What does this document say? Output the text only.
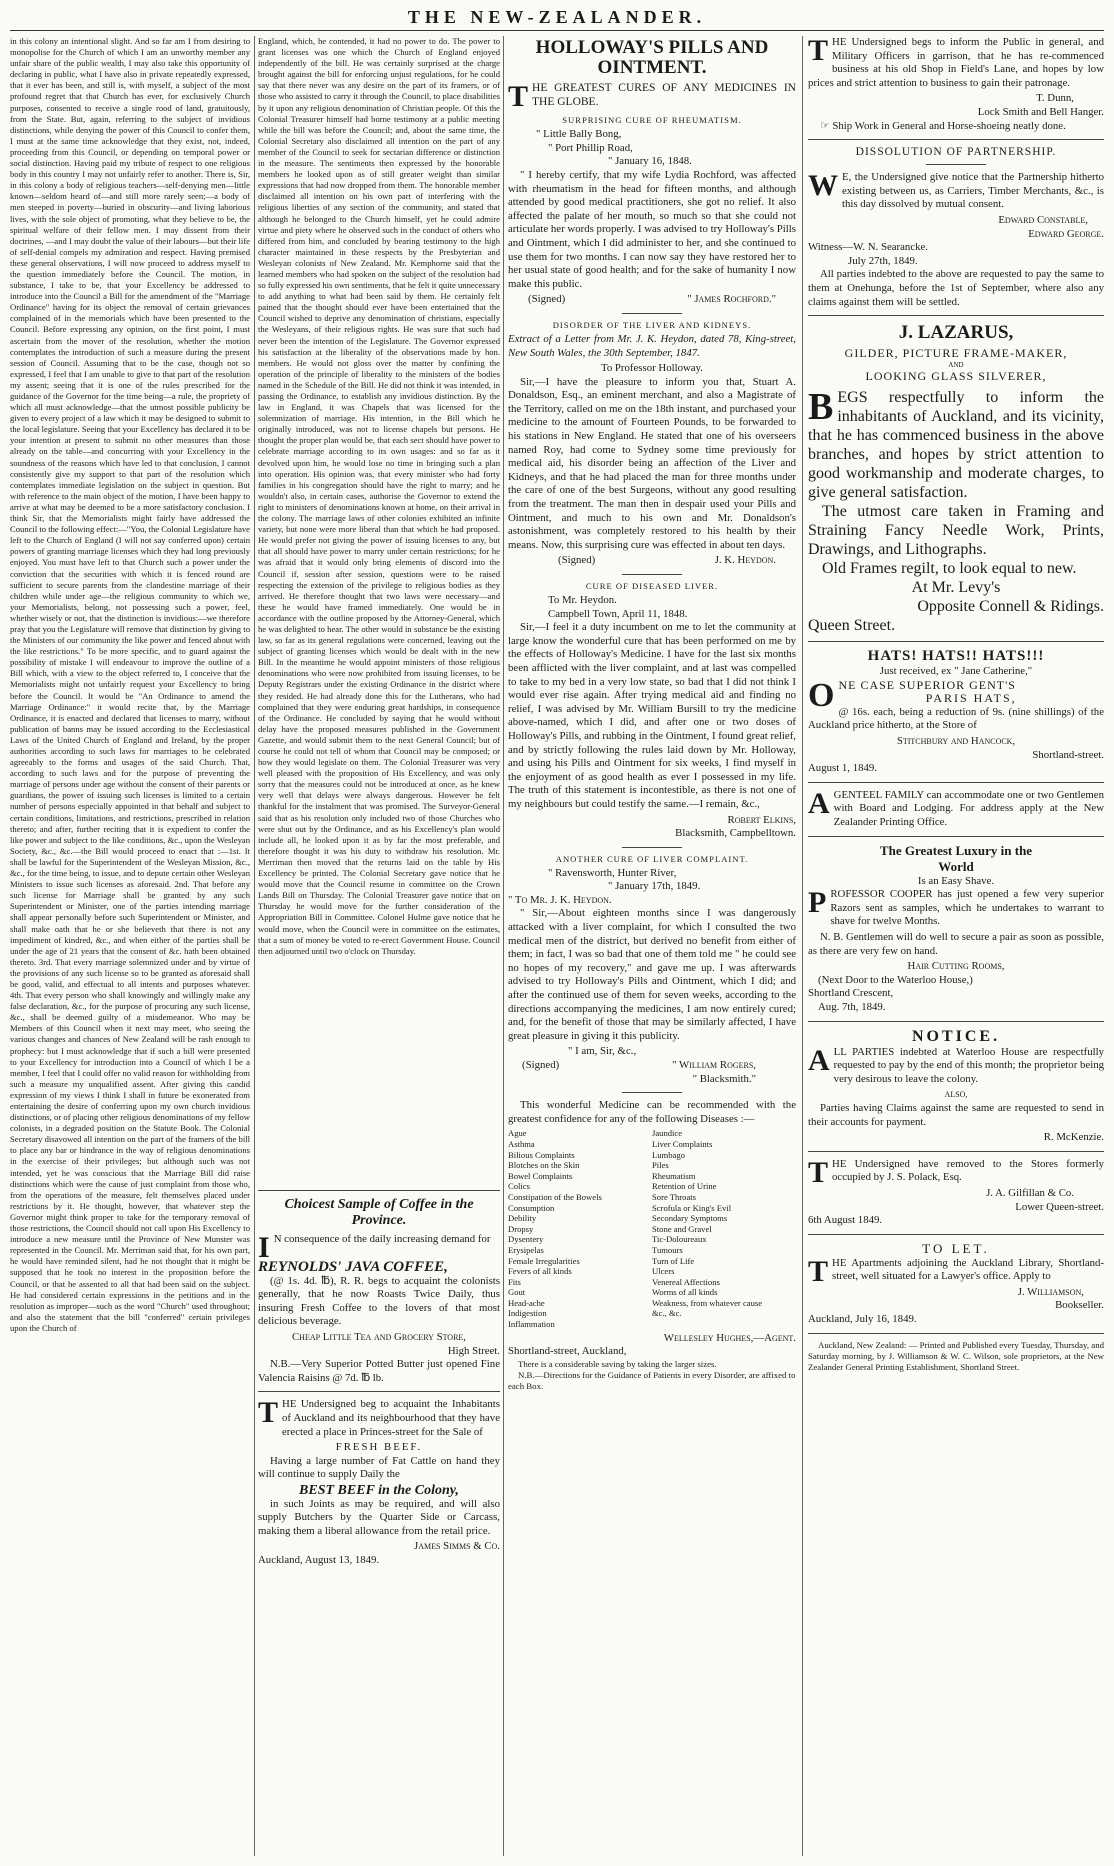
THE NEW-ZEALANDER.
in this colony an intentional slight. And so far am I from desiring to monopolise for the Church of which I am an unworthy member any unfair share of the public wealth, I may also take this opportunity of declaring in public, what I have also in private repeatedly expressed, that it ever has been, and still is, with myself, a subject of the most profound regret that that Church has ever, for exclusively Church purposes, consented to receive a single rood of land, gratuitously, from the State. But, again, referring to the subject of invidious distinctions, while denying the power of this Council to confer them, I must at the same time acknowledge that they exist, not, indeed, proceeding from this Council, or depending on temporal power or social distinction. Having paid my tribute of respect to one religious body in this country I may not unfairly refer to another. There is, Sir, in this colony a body of religious teachers—self-denying men—little known—seldom heard of—and still more rarely seen;—a body of men steeped in poverty—buried in obscurity—and living laborious lives, with the sole object of promoting, what they believe to be, the spiritual welfare of their fellow men. I may dissent from their doctrines, —and I may doubt the value of their labours—but their life of self-denial compels my admiration and respect. Having premised these general observations, I will now proceed to address myself to the question immediately before the Council. The motion, in substance, I take to be, that your Excellency be addressed to introduce into the Council a Bill for the amendment of the "Marriage Ordinance" having for its object the removal of certain grievances complained of in the memorials which have been presented to the Council. Before expressing any opinion, on the first point, I must ascertain from the mover of the resolution, whether the motion contemplates the introduction of such a measure during the present session of Council. Assuming that to be the case, though not so expressed, I feel that I am unable to give to that part of the resolution my assent; seeing that it is one of the rules prescribed for the guidance of the Governor for the time being—a rule, the propriety of which all must acknowledge—that the utmost possible publicity be given to every project of a law which it may be designed to submit to the local legislature. Seeing that your Excellency has declared it to be your intention at present to submit no other measures than those already on the table—and concurring with your Excellency in the soundness of the reasons which have led to that conclusion, I cannot consistently give my support to that part of the resolution which contemplates immediate legislation on the subject in question. But with reference to the main object of the motion, I have been happy to arrive at what may be deemed to be a more satisfactory conclusion. I think Sir, that the Memorialists might fairly have addressed the Council to the following effect:—"You, the Colonial Legislature have left to the Church of England (I will not say conferred upon) certain powers of granting marriage licenses which they had long previously enjoyed. You must have left to that Church such a power under the conviction that the securities with which it is fenced round are sufficient to secure parents from the clandestine marriage of their children while under age—the religious community to which we, your Memorialists, belong, not possessing such a power, feel, whether wisely or not, that the distinction is invidious:—we therefore pray that you the Legislature will remove that distinction by giving to the Ministers of our community the like power and fenced about with the like restrictions." To be more specific, and to guard against the possibility of mistake I will endeavour to improve the outline of a Bill which, with a view to the object referred to, I conceive that the Memorialists might not unfairly request your Excellency to bring before the Council. It would be "An Ordinance to amend the Marriage Ordinance:" it would recite that, by the Marriage Ordinance, it is enacted and declared that licenses to marry, without publication of banns may be issued according to the Ecclesiastical Laws of the United Church of England and Ireland, by the proper authorities according to such laws for marriages to be celebrated agreeably to the forms and usages of the said Church. That, according to such laws and for the purpose of preventing the marriage of persons under age without the consent of their parents or guardians, the power of issuing such licenses is limited to a certain number of persons especially appointed in that behalf and subject to certain conditions, limitations, and restrictions, prescribed in relation thereto; and after, further reciting that it is expedient to confer the like power and subject to the like conditions, &c., upon the Wesleyan Society, &c., &c.—the Bill would proceed to enact that :—1st. It shall be lawful for the Superintendent of the Wesleyan Mission, &c., &c., for the time being, to issue, and to depute certain other Wesleyan Ministers to issue such licenses as aforesaid. 2nd. That before any such license for Marriage shall be granted by any such Superintendent or Minister, one of the parties intending marriage shall appear personally before such Superintendent or Minister, and shall make oath that he or she believeth that there is not any impediment of kindred, &c., and when either of the parties shall be under the age of 21 years that the consent of &c. hath been obtained thereto. 3rd. That every marriage solemnized under and by virtue of the provisions of any such license so to be granted as aforesaid shall be good, valid, and effectual to all intents and purposes whatever. 4th. That every person who shall knowingly and willingly make any false declaration, &c., for the purpose of procuring any such license, &c., shall be deemed guilty of a misdemeanor. Who may be Members of this Council when it next may meet, who seeing the various changes and chances of New Zealand will be rash enough to prophecy: but I must acknowledge that if such a bill were presented to your Excellency for introduction into a Council of which I be a member, I feel that I could offer no valid reason for withholding from such a measure my unqualified assent. After giving this candid expression of my views I think I shall in future be exonerated from entertaining the desire of conferring upon my own church invidious distinctions, or of placing other religious denominations of my fellow colonists, in a degraded position on the Statute Book. The Colonial Secretary disavowed all intention on the part of the framers of the bill to place any bar or hindrance in the way of religious denominations in the exercise of their privileges; but although such was not intended, yet he was conscious that the Marriage Bill did raise distinctions which were the cause of just complaint from those who, from the operations of the measure, felt themselves placed under restrictions by it. He thought, however, that whatever step the Governor might think proper to take for the temporary removal of those restrictions, the Council should not call upon His Excellency to introduce a new measure until the Province of New Munster was represented in the Council. Mr. Merriman said that, for his own part, he would have reminded silent, had he not thought that it might be supposed that he took no interest in the proposition before the Council, or that he assented to all that had been said on the subject. He had considered certain expressions in the petitions and in the resolution as improper—such as the word "Church" used throughout; and also the statement that the bill "conferred" certain privileges upon the Church of
England, which, he contended, it had no power to do. The power to grant licenses was one which the Church of England enjoyed independently of the bill. He was certainly surprised at the charge brought against the bill for enforcing unjust regulations, for he could say that there never was any desire on the part of its framers, or of those who assisted to carry it through the Council, to place disabilities by it upon any religious denomination of Christian people. Of this the Colonial Treasurer himself had borne testimony at a public meeting while the bill was before the Council; and, about the same time, the Colonial Secretary also disclaimed all intention on the part of any member of the Council to seek for sectarian difference or distinction in the measure. The sentiments then expressed by the honorable members he looked upon as of still greater weight than similar expressions that had now dropped from them. The honorable member disclaimed all intention on his own part of interfering with the religious liberties of any section of the community, and stated that although he belonged to the Church himself, yet he could admire virtue and piety where he observed such in the conduct of others who differed from him, and concluded by bearing testimony to the high character maintained in these respects by the Presbyterian and Wesleyan colonists of New Zealand. Mr. Kemphorne said that the learned members who had spoken on the subject of the resolution had so fully expressed his own sentiments, that he felt it quite unnecessary to add anything to what had been said by them. He certainly felt pained that the thought should ever have been entertained that the Council wished to deprive any denomination of christians, especially the Wesleyans, of their religious rights. He was sure that such had never been the intention of the Legislature. The Governor expressed his satisfaction at the liberality of the observations made by hon. members. He would not gloss over the matter by confining the operation of the principle of liberality to the ministers of the bodies named in the Schedule of the Bill. He did not think it was intended, in passing the Ordinance, to establish any invidious distinction. By the law in England, it was Chapels that was licensed for the solemnization of marriage. His intention, in the Bill which he originally introduced, was not to license chapels but persons. He thought the proper plan would be, that each sect should have power to celebrate marriage according to its own usages: and so far as it devolved upon him, he would lose no time in bringing such a plan into operation. His opinion was, that every minister who had forty families in his congregation should have the right to marry; and he wouldn't also, in certain cases, authorise the Governor to extend the right to ministers of denominations known at home, on their arrival in the colony. The marriage laws of other colonies exhibited an infinite variety, but none were more liberal than that which he had proposed. He would prefer not giving the power of issuing licenses to any, but that all should have power to marry under certain restrictions; for he was afraid that it would only bring elements of discord into the Council if, session after session, questions were to be raised respecting the extension of the privilege to religious bodies as they arrived. He therefore thought that two laws were necessary—and these he would have framed immediately. One would be in accordance with the outline proposed by the Attorney-General, which he was delighted to hear. The other would in substance be the existing law, so far as its general regulations were concerned, leaving out the subject of granting licenses which would be dealt with in the new Bill. In the meantime he would appoint ministers of those religious denominations who were now prohibited from issuing licenses, to be Deputy Registrars under the existing Ordinance in the district where they resided. He had already done this for the Lutherans, who had complained that they were enduring great hardships, in consequence of the Ordinance. He concluded by saying that he would without delay have the proposed measures published in the Government Gazette, and would submit them to the next General Council; but of course he could not tell of whom that Council may be composed; or how they would legislate on them. The Colonial Treasurer was very well pleased with the proposition of His Excellency, and was only sorry that the measures could not be introduced at once, as he knew very well that delays were always dangerous. However he felt thankful for the instalment that was promised. The Surveyor-General said that as his resolution only included two of those Churches who were shut out by the Ordinance, and as his Excellency's plan would include all, he looked upon it as by far the most preferable, and therefore thought it was his duty to withdraw his resolution. Mr. Merriman then moved that the returns laid on the table by His Excellency be printed. The Colonial Secretary gave notice that he would move that the Council resume in committee on the Crown Lands Bill on Thursday. The Colonial Treasurer gave notice that on Thursday he would move for the further consideration of the Appropriation Bill in Committee. Colonel Hulme gave notice that he would move, when the Council were in committee on the estimates, that a sum of money be voted to re-erect Government House. Council then adjourned until two o'clock on Thursday.
Choicest Sample of Coffee in the Province.

I N consequence of the daily increasing demand for

REYNOLDS' JAVA COFFEE,

(@ 1s. 4d. ℔), R. R. begs to acquaint the colonists generally, that he now Roasts Twice Daily, thus insuring Fresh Coffee to the lovers of that most delicious beverage.

Cheap Little Tea and Grocery Store,
High Street.

N.B.—Very Superior Potted Butter just opened Fine Valencia Raisins @ 7d. ℔ lb.

THE Undersigned beg to acquaint the Inhabitants of Auckland and its neighbourhood that they have erected a place in Princes-street for the Sale of

FRESH BEEF.

Having a large number of Fat Cattle on hand they will continue to supply Daily the

BEST BEEF in the Colony,

in such Joints as may be required, and will also supply Butchers by the Quarter Side or Carcass, making them a liberal allowance from the retail price.

James Simms & Co.
Auckland, August 13, 1849.
HOLLOWAY'S PILLS AND
OINTMENT.

THE GREATEST CURES OF ANY MEDICINES IN THE GLOBE.

SURPRISING CURE OF RHEUMATISM.
" Little Bally Bong,
" Port Phillip Road,
" January 16, 1848.

" I hereby certify, that my wife Lydia Rochford, was affected with rheumatism in the head for fifteen months, and although attended by good medical practitioners, she got no relief. It also affected the palate of her mouth, so much so that she could not articulate her words properly. I was advised to try Holloway's Pills and Ointment, which I did administer to her, and she continued to use them for two months. I can now say they have restored her to her usual state of good health; and for the sake of humanity I now make this public.

(Signed)	" James Rochford."
DISORDER OF THE LIVER AND KIDNEYS.

Extract of a Letter from Mr. J. K. Heydon, dated 78, King-street, New South Wales, the 30th September, 1847.

To Professor Holloway.

Sir,—I have the pleasure to inform you that, Stuart A. Donaldson, Esq., an eminent merchant, and also a Magistrate of the Territory, called on me on the 18th instant, and purchased your medicine to the amount of Fourteen Pounds, to be forwarded to his stations in New England. He stated that one of his overseers named Roy, had come to Sydney some time previously for medical aid, his disorder being an affection of the Liver and Kidneys, and that he had placed the man for three months under the care of one of the best Surgeons, without any good resulting from the treatment. The man then in despair used your Pills and Ointment, and much to his own and Mr. Donaldson's astonishment, was completely restored to his health by their means. Now, this surprising cure was effected in about ten days.

(Signed)	J. K. Heydon.
CURE OF DISEASED LIVER.
To Mr. Heydon.
Campbell Town, April 11, 1848.

Sir,—I feel it a duty incumbent on me to let the community at large know the wonderful cure that has been performed on me by the effects of Holloway's Medicine. I have for the last six months been afflicted with the liver complaint, and at last was compelled to take to my bed in a very low state, so bad that I did not think I would ever rise again. After trying medical aid and finding no relief, I was advised by Mr. William Bursill to try the medicine above-named, which I did, and after one or two doses of Holloway's Pills, and rubbing in the Ointment, I found great relief, and by strictly following the rules laid down by Mr. Holloway, and using his Pills and Ointment for six weeks, I find myself in the enjoyment of as good health as ever I possessed in my life. The truth of this statement is incontestible, as there is not one of my neighbours but could testify the same.—I remain, &c.,

Robert Elkins,
Blacksmith, Campbelltown.
ANOTHER CURE OF LIVER COMPLAINT.
" Ravensworth, Hunter River,
" January 17th, 1849.
" To Mr. J. K. Heydon.

" Sir,—About eighteen months since I was dangerously attacked with a liver complaint, for which I consulted the two medical men of the district, but derived no benefit from either of them; in fact, I was so bad that one of them told me " he could see no hopes of my recovery," and gave me up. I was afterwards advised to try Holloway's Pills and Ointment, which I did; and after the continued use of them for seven weeks, according to the directions accompanying the medicines, I am now entirely cured; and, for the benefit of those that may be similarly affected, I have great pleasure in giving it this publicity.

" I am, Sir, &c.,
(Signed)	" William Rogers,
" Blacksmith."

This wonderful Medicine can be recommended with the greatest confidence for any of the following Diseases :—

Ague
Asthma
Bilious Complaints
Blotches on the Skin
Bowel Complaints
Colics
Constipation of the Bowels
Consumption
Debility
Dropsy
Dysentery
Erysipelas
Female Irregularities
Fevers of all kinds
Fits
Gout
Head-ache
Indigestion
Inflammation
Jaundice
Liver Complaints
Lumbago
Piles
Rheumatism
Retention of Urine
Sore Throats
Scrofula or King's Evil
Secondary Symptoms
Stone and Gravel
Tic-Doloureaux
Tumours
Turn of Life
Ulcers
Venereal Affections
Worms of all kinds
Weakness, from whatever cause
&c., &c.
Wellesley Hughes,—Agent.
Shortland-street, Auckland,
There is a considerable saving by taking the larger sizes.
N.B.—Directions for the Guidance of Patients in every Disorder, are affixed to each Box.

THE Undersigned begs to inform the Public in general, and Military Officers in garrison, that he has re-commenced business at his old Shop in Field's Lane, and hopes by low prices and strict attention to business to gain their patronage.

T. Dunn,
Lock Smith and Bell Hanger.

☞ Ship Work in General and Horse-shoeing neatly done.

DISSOLUTION OF PARTNERSHIP.

W E, the Undersigned give notice that the Partnership hitherto existing between us, as Carriers, Timber Merchants, &c., is this day dissolved by mutual consent.

Edward Constable,
Edward George.
Witness—W. N. Searancke.
July 27th, 1849.

All parties indebted to the above are requested to pay the same to them at Onehunga, before the 1st of September, where also any claims against them will be settled.

J. LAZARUS,
GILDER, PICTURE FRAME-MAKER,
AND
LOOKING GLASS SILVERER,
BEGS respectfully to inform the inhabitants of Auckland, and its vicinity, that he has commenced business in the above branches, and hopes by strict attention to good workmanship and moderate charges, to give general satisfaction.
The utmost care taken in Framing and Straining Fancy Needle Work, Prints, Drawings, and Lithographs.
Old Frames regilt, to look equal to new.
At Mr. Levy's
Opposite Connell & Ridings.
Queen Street.
HATS! HATS!! HATS!!!
Just received, ex " Jane Catherine,"
O NE CASE SUPERIOR GENT'S
PARIS HATS,

@ 16s. each, being a reduction of 9s. (nine shillings) of the Auckland price hitherto, at the Store of

Stitchbury and Hancock,
Shortland-street.
August 1, 1849.

AGENTEEL FAMILY can accommodate one or two Gentlemen with Board and Lodging. For address apply at the New Zealander Printing Office.

The Greatest Luxury in the
World
Is an Easy Shave.

PROFESSOR COOPER has just opened a few very superior Razors sent as samples, which he undertakes to warrant to shave for twelve Months.

N. B. Gentlemen will do well to secure a pair as soon as possible, as there are very few on hand.

Hair Cutting Rooms,
(Next Door to the Waterloo House,)
Shortland Crescent,
Aug. 7th, 1849.
NOTICE.

ALL PARTIES indebted at Waterloo House are respectfully requested to pay by the end of this month; the proprietor being very desirous to leave the colony.

ALSO,

Parties having Claims against the same are requested to send in their accounts for payment.

R. McKenzie.

THE Undersigned have removed to the Stores formerly occupied by J. S. Polack, Esq.

J. A. Gilfillan & Co.
Lower Queen-street.
6th August 1849.
TO LET.

THE Apartments adjoining the Auckland Library, Shortland-street, well situated for a Lawyer's office. Apply to

J. Williamson,
Bookseller.
Auckland, July 16, 1849.
Auckland, New Zealand: — Printed and Published every Tuesday, Thursday, and Saturday morning, by J. Williamson & W. C. Wilson, sole proprietors, at the New Zealander General Printing Establishment, Shortland Street.
